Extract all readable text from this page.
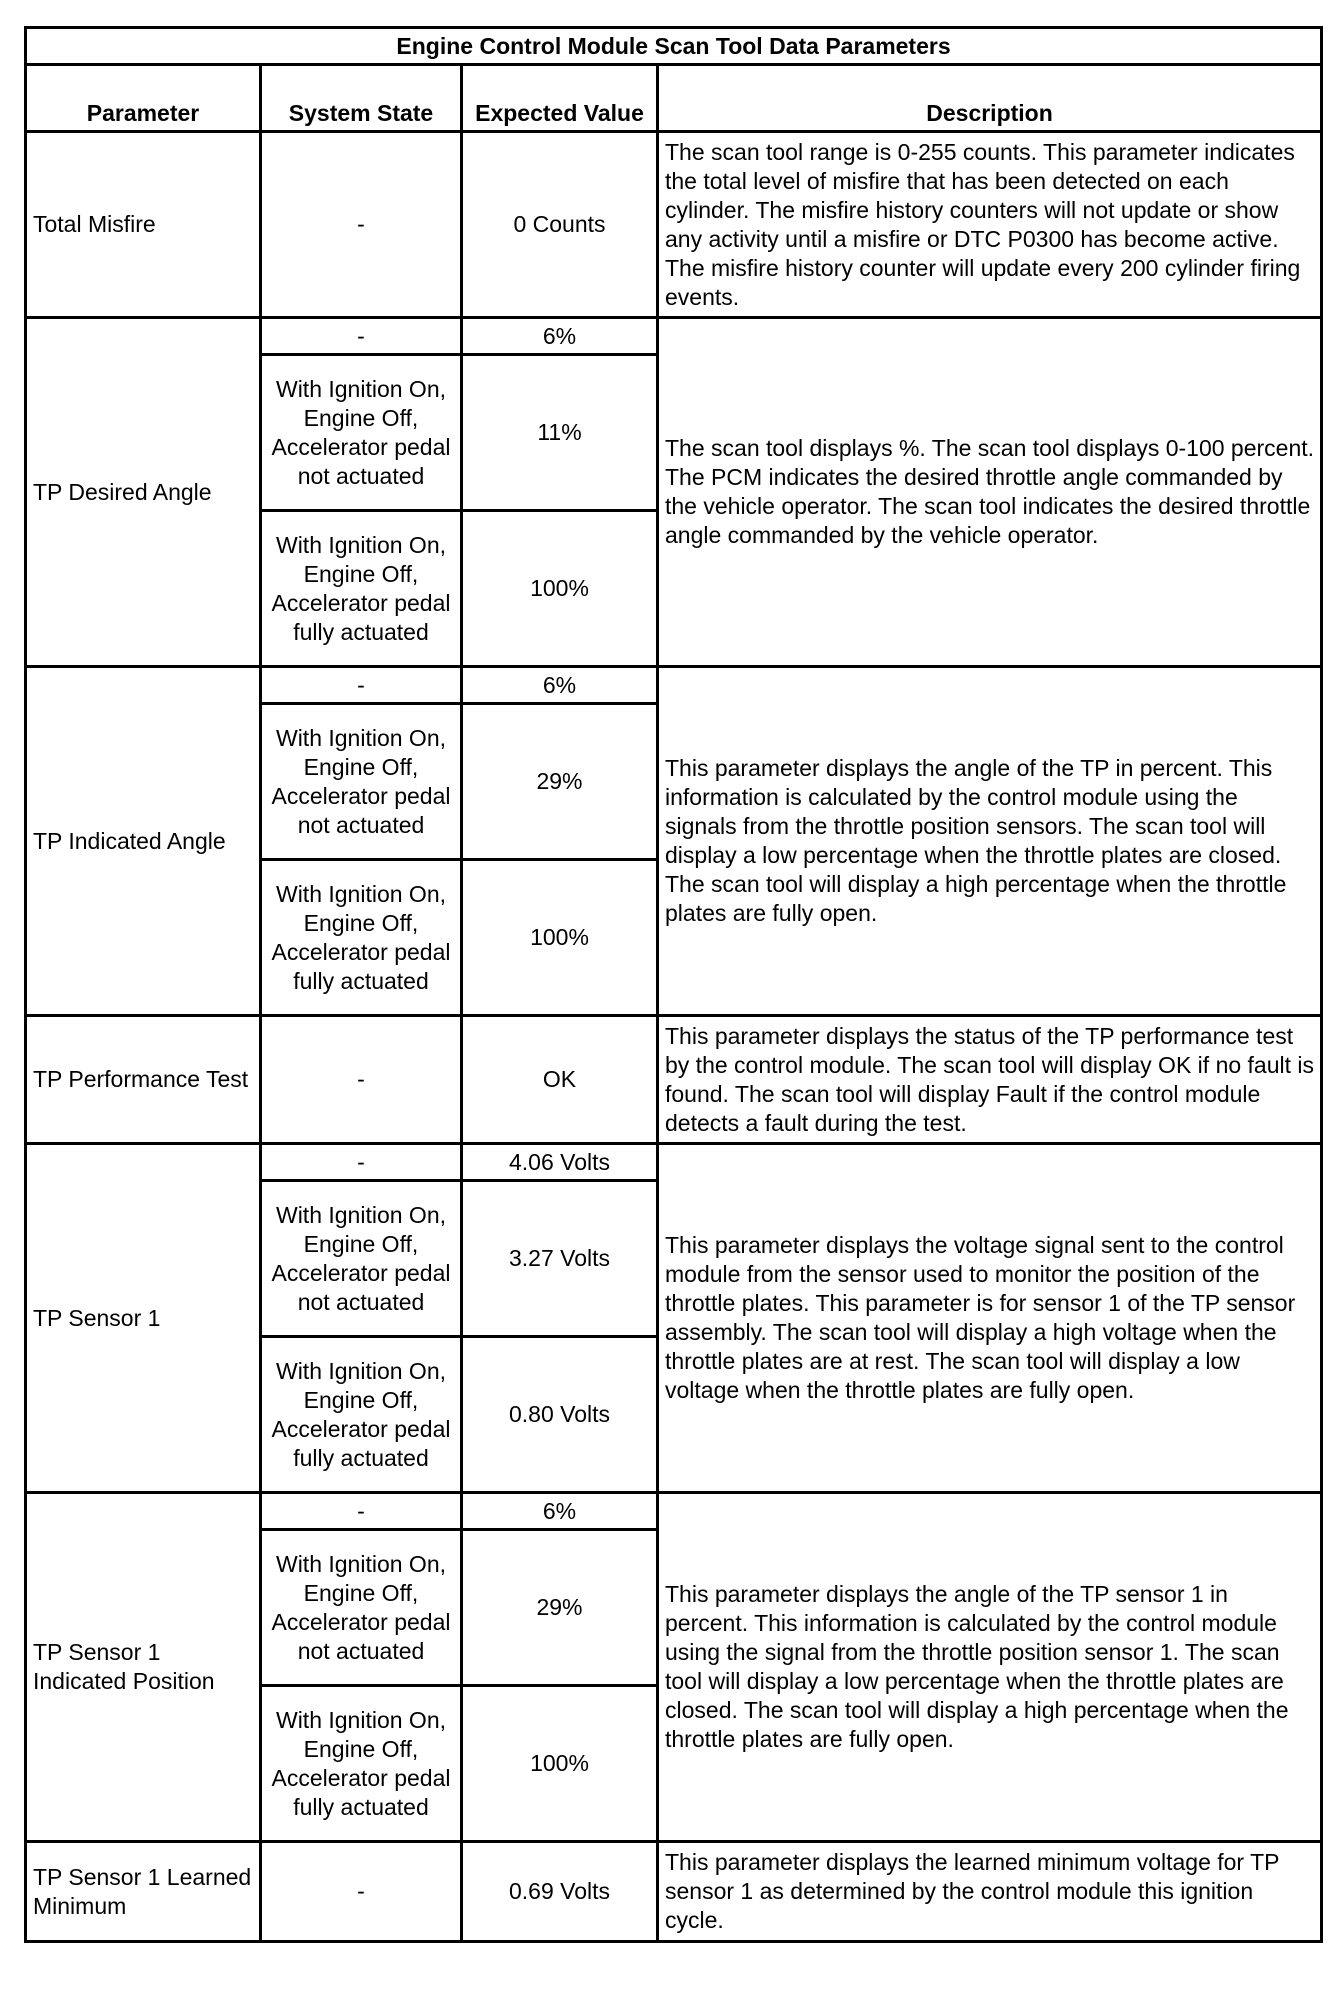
Engine Control Module Scan Tool Data Parameters			
Parameter	System State	Expected Value	Description
Total Misfire	-	0 Counts	The scan tool range is 0-255 counts. This parameter indicates the total level of misfire that has been detected on each cylinder. The misfire history counters will not update or show any activity until a misfire or DTC P0300 has become active. The misfire history counter will update every 200 cylinder firing events.
TP Desired Angle	-	6%	The scan tool displays %. The scan tool displays 0-100 percent. The PCM indicates the desired throttle angle commanded by the vehicle operator. The scan tool indicates the desired throttle angle commanded by the vehicle operator.
	With Ignition On, Engine Off, Accelerator pedal not actuated	11%	
	With Ignition On, Engine Off, Accelerator pedal fully actuated	100%	
TP Indicated Angle	-	6%	This parameter displays the angle of the TP in percent. This information is calculated by the control module using the signals from the throttle position sensors. The scan tool will display a low percentage when the throttle plates are closed. The scan tool will display a high percentage when the throttle plates are fully open.
	With Ignition On, Engine Off, Accelerator pedal not actuated	29%	
	With Ignition On, Engine Off, Accelerator pedal fully actuated	100%	
TP Performance Test	-	OK	This parameter displays the status of the TP performance test by the control module. The scan tool will display OK if no fault is found. The scan tool will display Fault if the control module detects a fault during the test.
TP Sensor 1	-	4.06 Volts	This parameter displays the voltage signal sent to the control module from the sensor used to monitor the position of the throttle plates. This parameter is for sensor 1 of the TP sensor assembly. The scan tool will display a high voltage when the throttle plates are at rest. The scan tool will display a low voltage when the throttle plates are fully open.
	With Ignition On, Engine Off, Accelerator pedal not actuated	3.27 Volts	
	With Ignition On, Engine Off, Accelerator pedal fully actuated	0.80 Volts	
TP Sensor 1 Indicated Position	-	6%	This parameter displays the angle of the TP sensor 1 in percent. This information is calculated by the control module using the signal from the throttle position sensor 1. The scan tool will display a low percentage when the throttle plates are closed. The scan tool will display a high percentage when the throttle plates are fully open.
	With Ignition On, Engine Off, Accelerator pedal not actuated	29%	
	With Ignition On, Engine Off, Accelerator pedal fully actuated	100%	
TP Sensor 1 Learned Minimum	-	0.69 Volts	This parameter displays the learned minimum voltage for TP sensor 1 as determined by the control module this ignition cycle.
